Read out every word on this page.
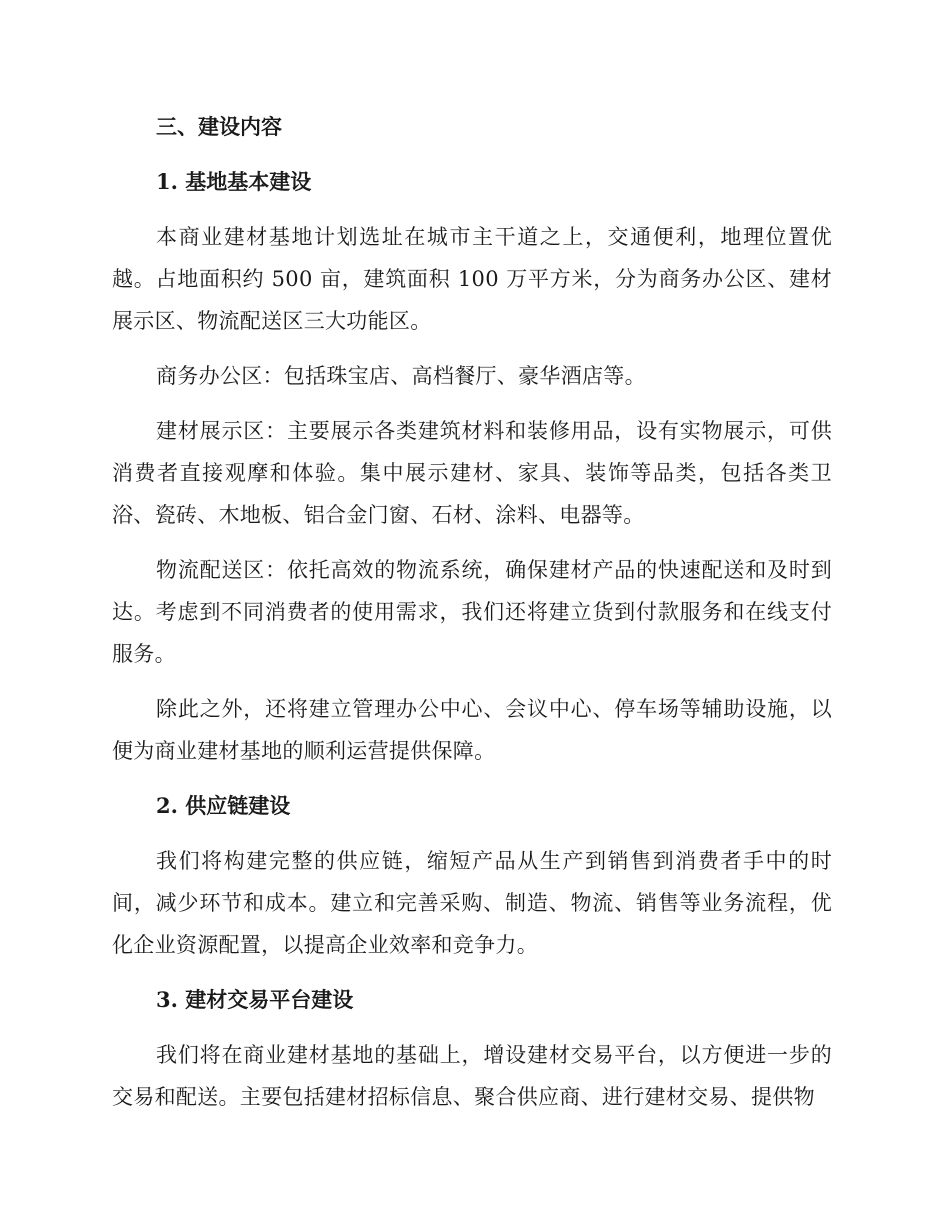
三、建设内容
1. 基地基本建设

本商业建材基地计划选址在城市主干道之上，交通便利，地理位置优越。占地面积约 500 亩，建筑面积 100 万平方米，分为商务办公区、建材展示区、物流配送区三大功能区。

商务办公区：包括珠宝店、高档餐厅、豪华酒店等。

建材展示区：主要展示各类建筑材料和装修用品，设有实物展示，可供消费者直接观摩和体验。集中展示建材、家具、装饰等品类，包括各类卫浴、瓷砖、木地板、铝合金门窗、石材、涂料、电器等。

物流配送区：依托高效的物流系统，确保建材产品的快速配送和及时到达。考虑到不同消费者的使用需求，我们还将建立货到付款服务和在线支付服务。

除此之外，还将建立管理办公中心、会议中心、停车场等辅助设施，以便为商业建材基地的顺利运营提供保障。

2. 供应链建设

我们将构建完整的供应链，缩短产品从生产到销售到消费者手中的时间，减少环节和成本。建立和完善采购、制造、物流、销售等业务流程，优化企业资源配置，以提高企业效率和竞争力。

3. 建材交易平台建设

我们将在商业建材基地的基础上，增设建材交易平台，以方便进一步的交易和配送。主要包括建材招标信息、聚合供应商、进行建材交易、提供物
